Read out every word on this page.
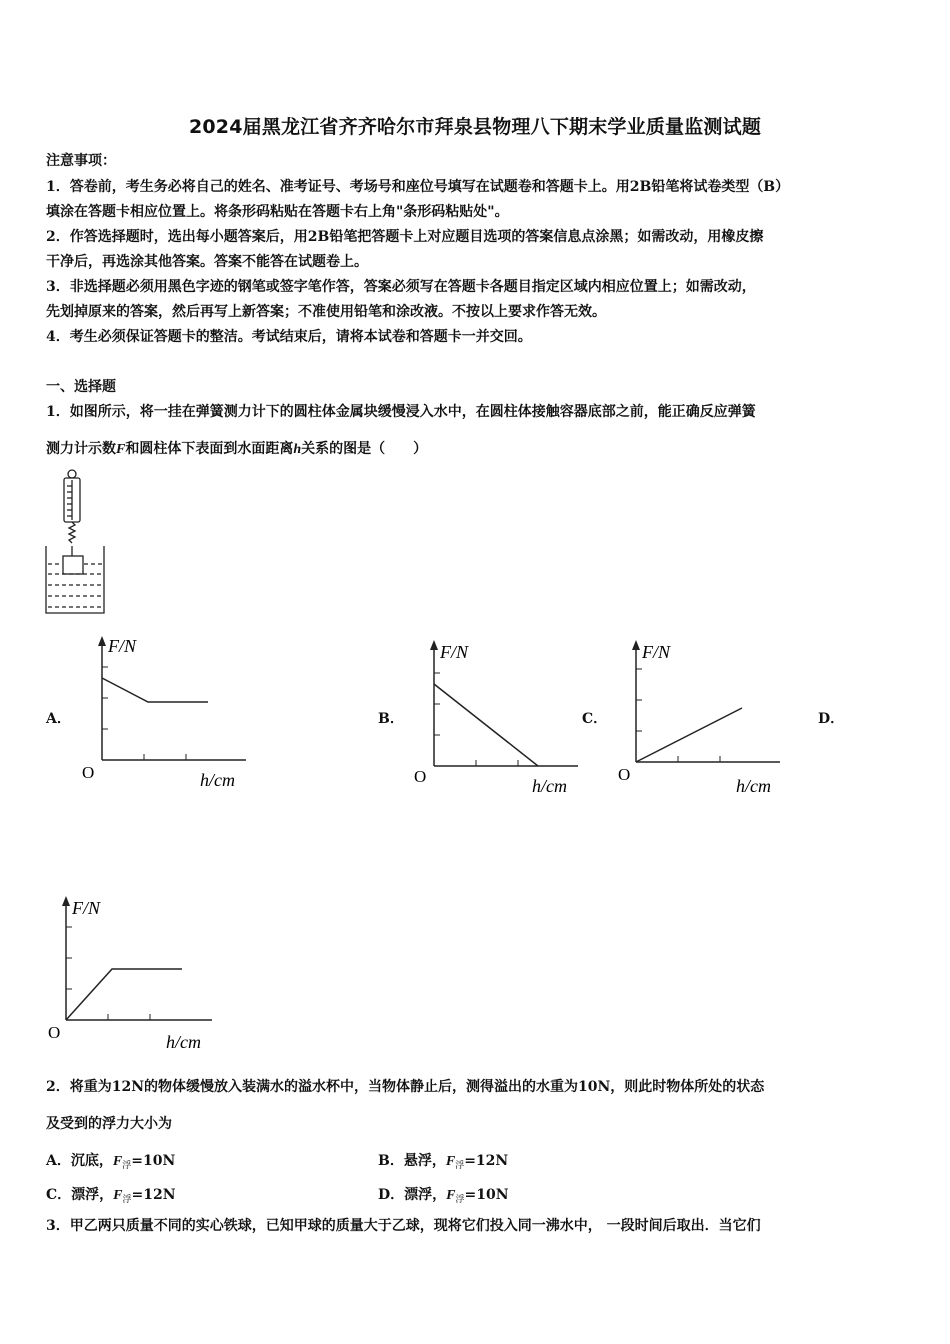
2024届黑龙江省齐齐哈尔市拜泉县物理八下期末学业质量监测试题
注意事项：
1．答卷前，考生务必将自己的姓名、准考证号、考场号和座位号填写在试题卷和答题卡上。用2B铅笔将试卷类型（B）
填涂在答题卡相应位置上。将条形码粘贴在答题卡右上角"条形码粘贴处"。
2．作答选择题时，选出每小题答案后，用2B铅笔把答题卡上对应题目选项的答案信息点涂黑；如需改动，用橡皮擦
干净后，再选涂其他答案。答案不能答在试题卷上。
3．非选择题必须用黑色字迹的钢笔或签字笔作答，答案必须写在答题卡各题目指定区域内相应位置上；如需改动，
先划掉原来的答案，然后再写上新答案；不准使用铅笔和涂改液。不按以上要求作答无效。
4．考生必须保证答题卡的整洁。考试结束后，请将本试卷和答题卡一并交回。
一、选择题
1．如图所示，将一挂在弹簧测力计下的圆柱体金属块缓慢浸入水中，在圆柱体接触容器底部之前，能正确反应弹簧
测力计示数F和圆柱体下表面到水面距离h关系的图是（　　）
A．	B．	C．	D．
F/N
O	h/cm
F/N
O	h/cm
F/N
O
h/cm
F/N
O	h/cm
2．将重为12N的物体缓慢放入装满水的溢水杯中，当物体静止后，测得溢出的水重为10N，则此时物体所处的状态
及受到的浮力大小为
A．沉底，$F_浮=10N$	B．悬浮，$F_浮=12N$
C．漂浮，$F_浮=12N$	D．漂浮，$F_浮=10N$
3．甲乙两只质量不同的实心铁球，已知甲球的质量大于乙球，现将它们投入同一沸水中， 一段时间后取出．当它们
